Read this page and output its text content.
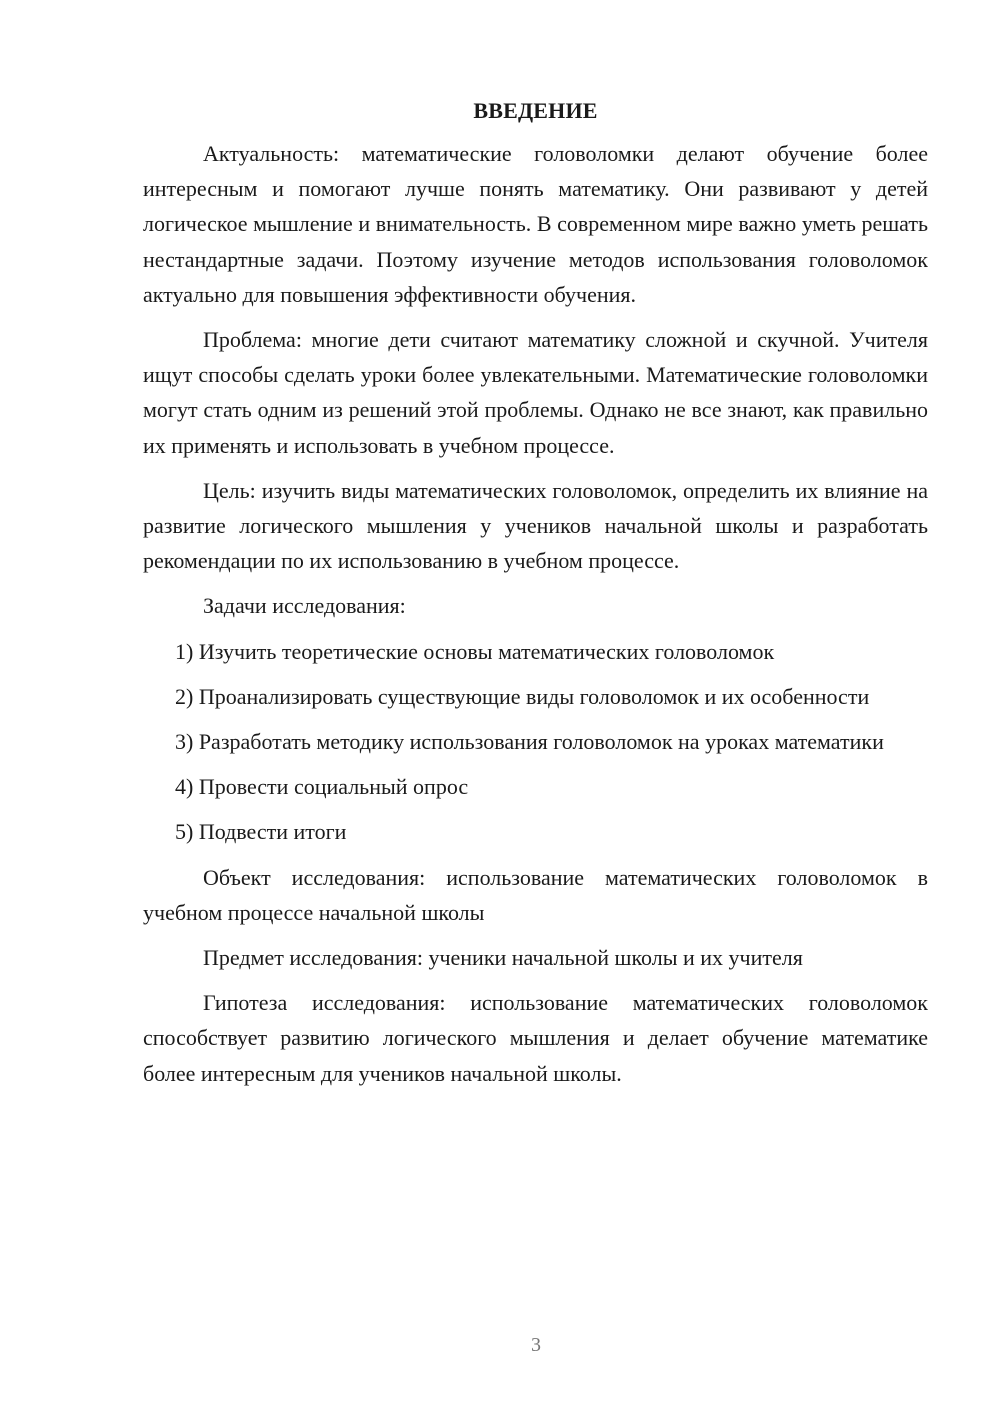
ВВЕДЕНИЕ

Актуальность: математические головоломки делают обучение более интересным и помогают лучше понять математику. Они развивают у детей логическое мышление и внимательность. В современном мире важно уметь решать нестандартные задачи. Поэтому изучение методов использования головоломок актуально для повышения эффективности обучения.

Проблема: многие дети считают математику сложной и скучной. Учителя ищут способы сделать уроки более увлекательными. Математические головоломки могут стать одним из решений этой проблемы. Однако не все знают, как правильно их применять и использовать в учебном процессе.

Цель: изучить виды математических головоломок, определить их влияние на развитие логического мышления у учеников начальной школы и разработать рекомендации по их использованию в учебном процессе.

Задачи исследования:

1) Изучить теоретические основы математических головоломок

2) Проанализировать существующие виды головоломок и их особенности

3) Разработать методику использования головоломок на уроках математики

4) Провести социальный опрос

5) Подвести итоги

Объект исследования: использование математических головоломок в учебном процессе начальной школы

Предмет исследования: ученики начальной школы и их учителя

Гипотеза исследования: использование математических головоломок способствует развитию логического мышления и делает обучение математике более интересным для учеников начальной школы.

3
